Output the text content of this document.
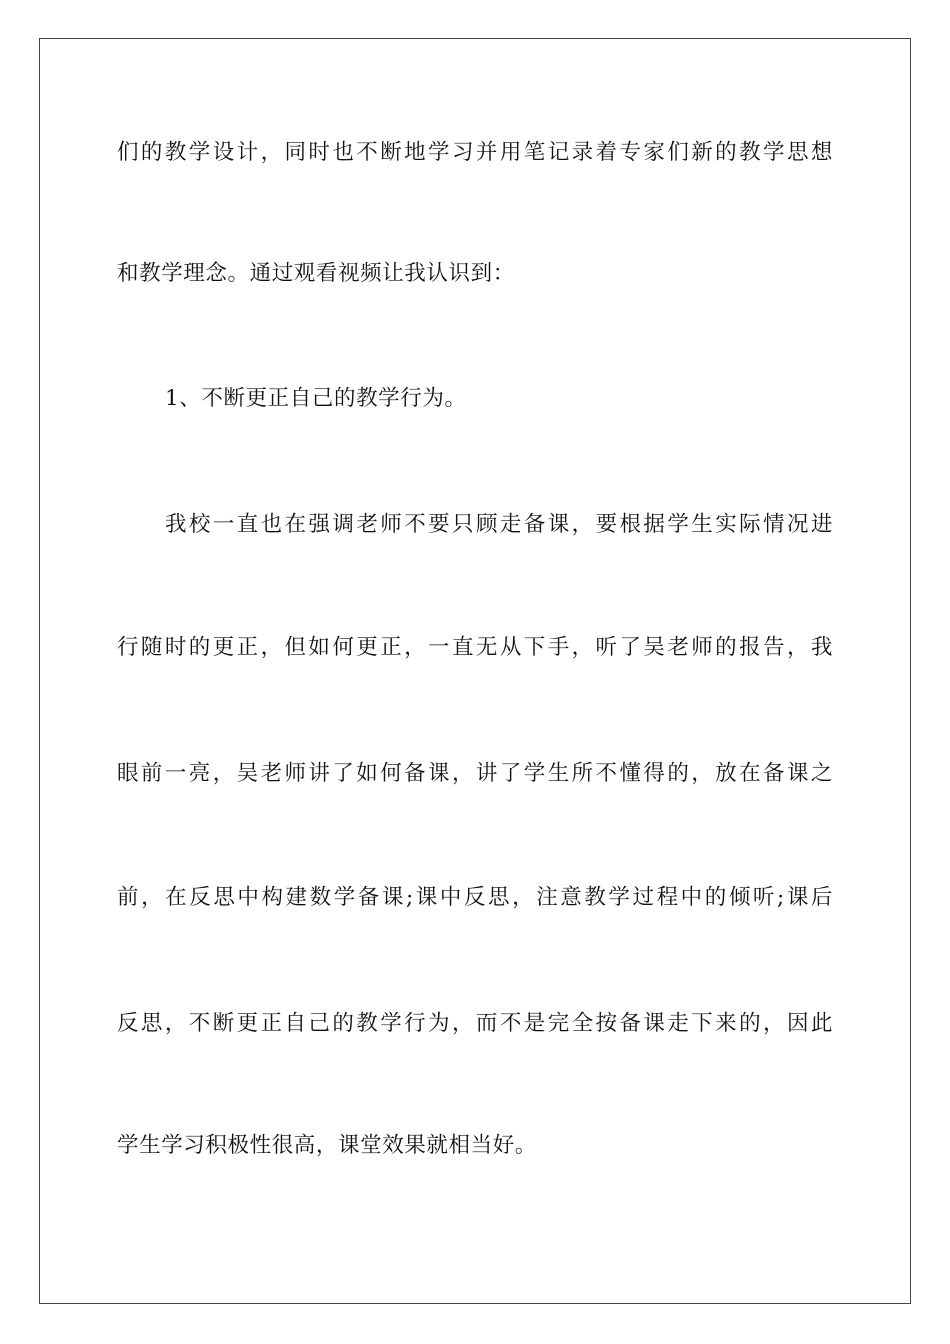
们的教学设计，同时也不断地学习并用笔记录着专家们新的教学思想
和教学理念。通过观看视频让我认识到：
1、不断更正自己的教学行为。
我校一直也在强调老师不要只顾走备课，要根据学生实际情况进
行随时的更正，但如何更正，一直无从下手，听了吴老师的报告，我
眼前一亮，吴老师讲了如何备课，讲了学生所不懂得的，放在备课之
前，在反思中构建数学备课;课中反思，注意教学过程中的倾听;课后
反思，不断更正自己的教学行为，而不是完全按备课走下来的，因此
学生学习积极性很高，课堂效果就相当好。
